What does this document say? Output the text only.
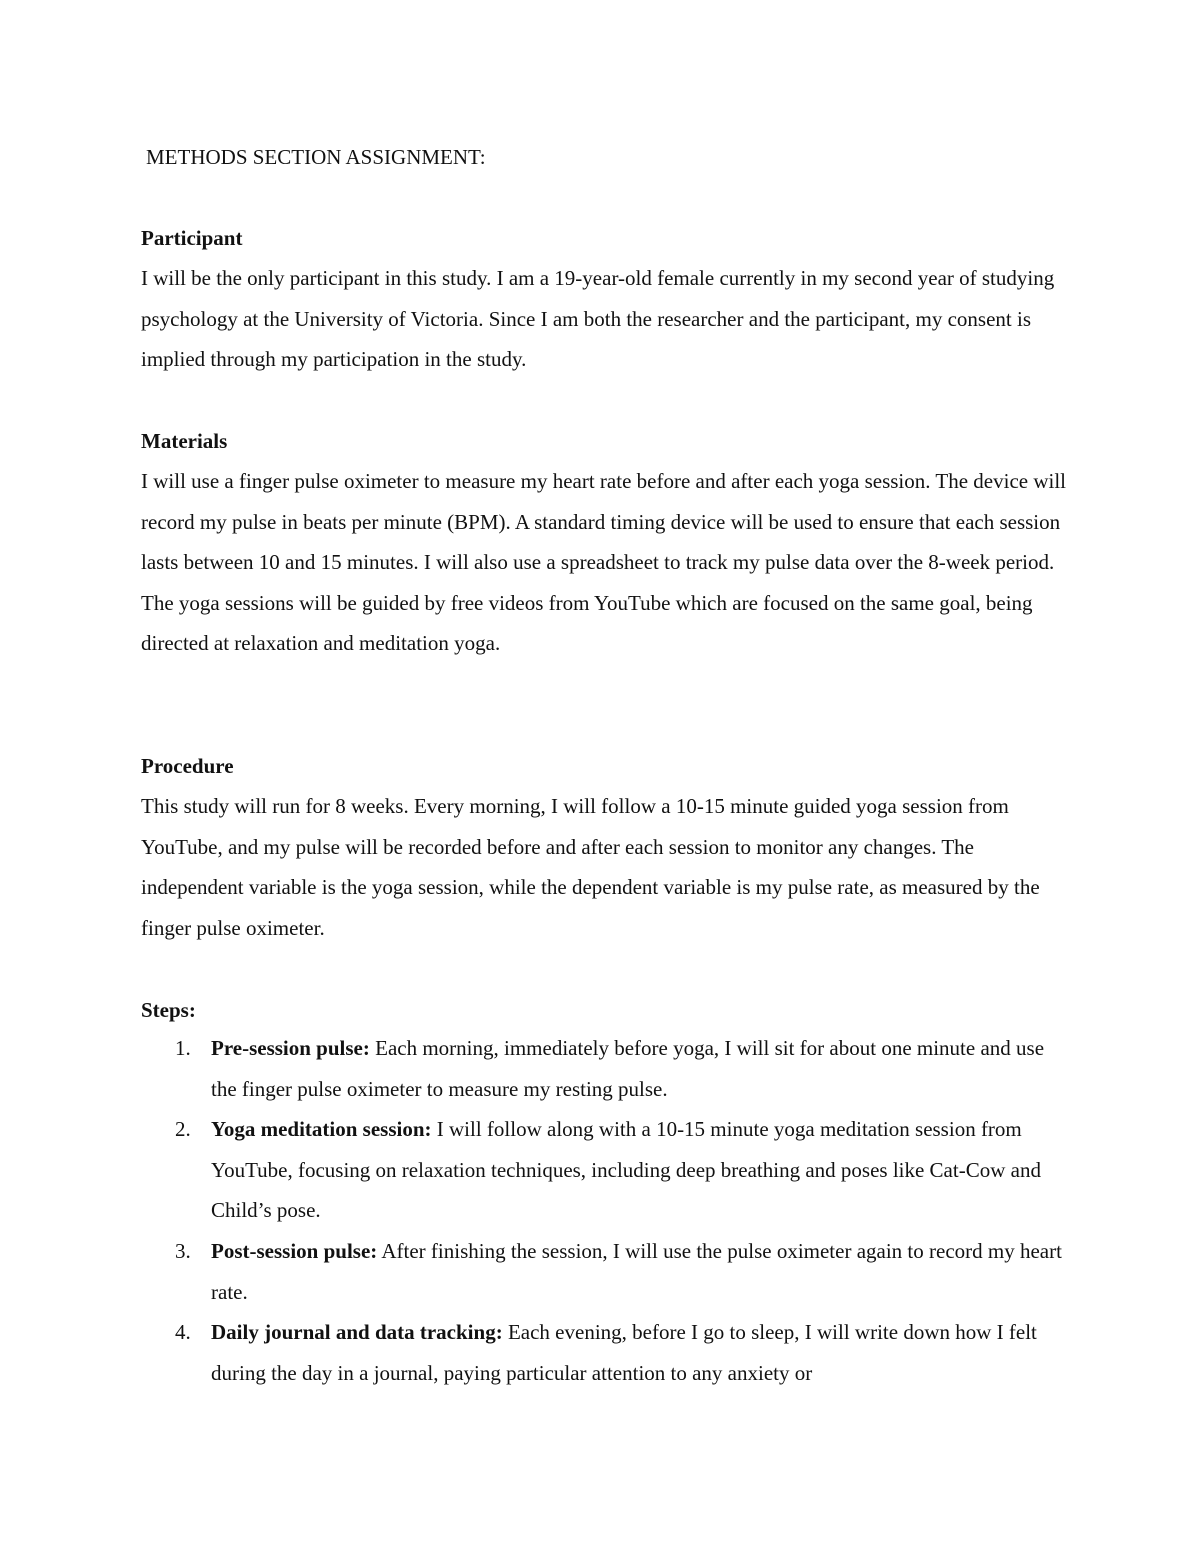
METHODS SECTION ASSIGNMENT:
Participant

I will be the only participant in this study. I am a 19-year-old female currently in my second year of studying psychology at the University of Victoria. Since I am both the researcher and the participant, my consent is implied through my participation in the study.

Materials

I will use a finger pulse oximeter to measure my heart rate before and after each yoga session. The device will record my pulse in beats per minute (BPM). A standard timing device will be used to ensure that each session lasts between 10 and 15 minutes. I will also use a spreadsheet to track my pulse data over the 8-week period. The yoga sessions will be guided by free videos from YouTube which are focused on the same goal, being directed at relaxation and meditation yoga.

Procedure

This study will run for 8 weeks. Every morning, I will follow a 10-15 minute guided yoga session from YouTube, and my pulse will be recorded before and after each session to monitor any changes. The independent variable is the yoga session, while the dependent variable is my pulse rate, as measured by the finger pulse oximeter.

Steps:
1. Pre-session pulse: Each morning, immediately before yoga, I will sit for about one minute and use the finger pulse oximeter to measure my resting pulse.
2. Yoga meditation session: I will follow along with a 10-15 minute yoga meditation session from YouTube, focusing on relaxation techniques, including deep breathing and poses like Cat-Cow and Child’s pose.
3. Post-session pulse: After finishing the session, I will use the pulse oximeter again to record my heart rate.
4. Daily journal and data tracking: Each evening, before I go to sleep, I will write down how I felt during the day in a journal, paying particular attention to any anxiety or
